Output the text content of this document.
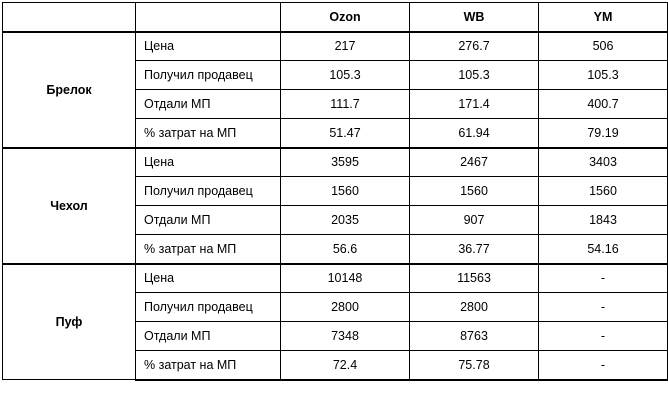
		Ozon	WB	YM
Брелок	Цена	217	276.7	506
	Получил продавец	105.3	105.3	105.3
	Отдали МП	111.7	171.4	400.7
	% затрат на МП	51.47	61.94	79.19
Чехол	Цена	3595	2467	3403
	Получил продавец	1560	1560	1560
	Отдали МП	2035	907	1843
	% затрат на МП	56.6	36.77	54.16
Пуф	Цена	10148	11563	-
	Получил продавец	2800	2800	-
	Отдали МП	7348	8763	-
	% затрат на МП	72.4	75.78	-
